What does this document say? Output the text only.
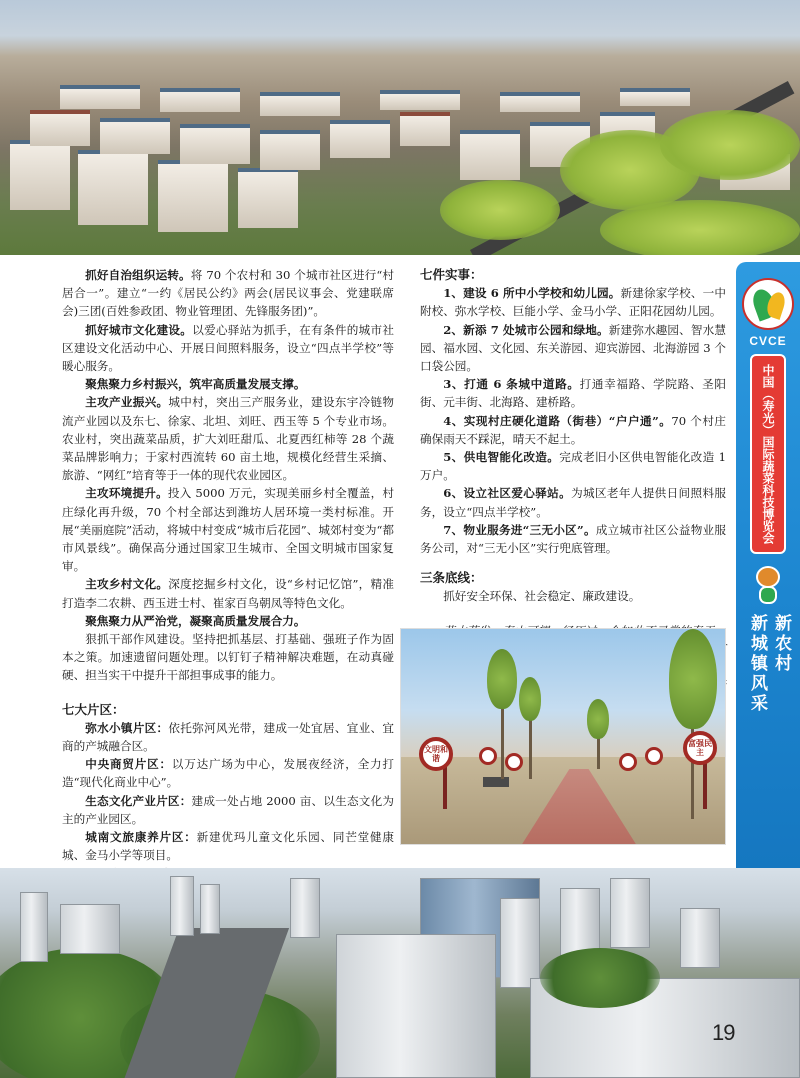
CVCE
中国（寿光）国际蔬菜科技博览会
新农村
新城镇风采

抓好自治组织运转。将 70 个农村和 30 个城市社区进行“村居合一”。建立“一约《居民公约》两会(居民议事会、党建联席会)三团(百姓参政团、物业管理团、先锋服务团)”。

抓好城市文化建设。以爱心驿站为抓手，在有条件的城市社区建设文化活动中心、开展日间照料服务，设立“四点半学校”等暖心服务。

聚焦聚力乡村振兴，筑牢高质量发展支撑。

主攻产业振兴。城中村，突出三产服务业，建设东宇冷链物流产业园以及东七、徐家、北坦、刘旺、西玉等 5 个专业市场。农业村，突出蔬菜品质，扩大刘旺甜瓜、北夏西红柿等 28 个蔬菜品牌影响力；于家村西流转 60 亩土地，规模化经营生采摘、旅游、“网红”培育等于一体的现代农业园区。

主攻环境提升。投入 5000 万元，实现美丽乡村全覆盖，村庄绿化再升级，70 个村全部达到潍坊人居环境一类村标准。开展“美丽庭院”活动，将城中村变成“城市后花园”、城郊村变为“都市风景线”。确保高分通过国家卫生城市、全国文明城市国家复审。

主攻乡村文化。深度挖掘乡村文化，设“乡村记忆馆”，精准打造李二农耕、西玉进士村、崔家百鸟朝凤等特色文化。

聚焦聚力从严治党，凝聚高质量发展合力。

狠抓干部作风建设。坚持把抓基层、打基础、强班子作为固本之策。加速遗留问题处理。以钉钉子精神解决难题，在动真碰硬、担当实干中提升干部担事成事的能力。

七大片区：

弥水小镇片区：依托弥河风光带，建成一处宜居、宜业、宜商的产城融合区。

中央商贸片区：以万达广场为中心，发展夜经济，全力打造“现代化商业中心”。

生态文化产业片区：建成一处占地 2000 亩、以生态文化为主的产业园区。

城南文旅康养片区：新建优玛儿童文化乐园、同芒堂健康城、金马小学等项目。

七件实事：

1、建设 6 所中小学校和幼儿园。新建徐家学校、一中附校、弥水学校、巨能小学、金马小学、正阳花园幼儿园。

2、新添 7 处城市公园和绿地。新建弥水趣园、智水慧园、福水园、文化园、东关游园、迎宾游园、北海游园 3 个口袋公园。

3、打通 6 条城中道路。打通幸福路、学院路、圣阳街、元丰街、北海路、建桥路。

4、实现村庄硬化道路（街巷）“户户通”。70 个村庄确保雨天不踩泥，晴天不起土。

5、供电智能化改造。完成老旧小区供电智能化改造 1 万户。

6、设立社区爱心驿站。为城区老年人提供日间照料服务，设立“四点半学校”。

7、物业服务进“三无小区”。成立城市社区公益物业服务公司，对“三无小区”实行兜底管理。

三条底线：

抓好安全环保、社会稳定、廉政建设。

文明和谐
富强民主
19
